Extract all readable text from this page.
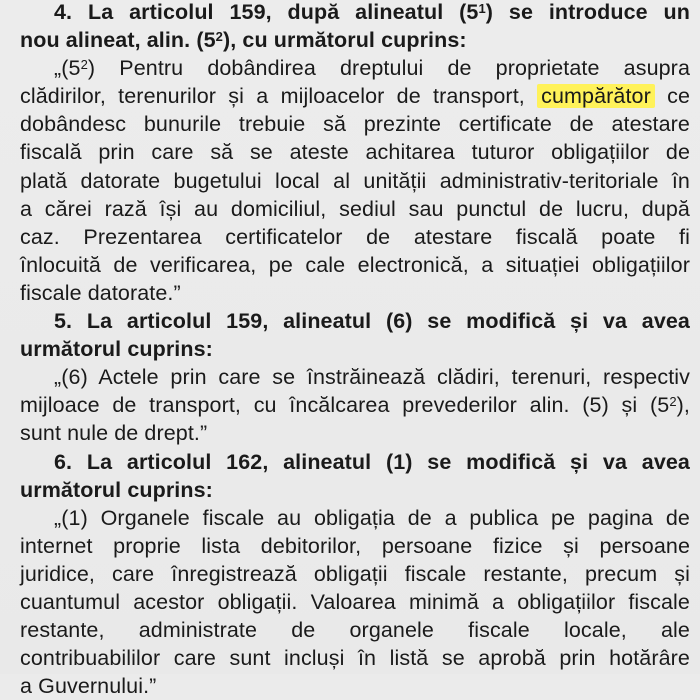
4. La articolul 159, după alineatul $(5^1)$ se introduce un
nou alineat, alin. $(5^2)$, cu următorul cuprins:
$„(5^2)$ Pentru dobândirea dreptului de proprietate asupra
clădirilor, terenurilor și a mijloacelor de transport, cumpărător ce
dobândesc bunurile trebuie să prezinte certificate de atestare
fiscală prin care să se ateste achitarea tuturor obligațiilor de
plată datorate bugetului local al unității administrativ-teritoriale în
a cărei rază își au domiciliul, sediul sau punctul de lucru, după
caz. Prezentarea certificatelor de atestare fiscală poate fi
înlocuită de verificarea, pe cale electronică, a situației obligațiilor
fiscale datorate.”
5. La articolul 159, alineatul (6) se modifică și va avea
următorul cuprins:
„(6) Actele prin care se înstrăinează clădiri, terenuri, respectiv
mijloace de transport, cu încălcarea prevederilor alin. (5) și $(5^2)$,
sunt nule de drept.”
6. La articolul 162, alineatul (1) se modifică și va avea
următorul cuprins:
„(1) Organele fiscale au obligația de a publica pe pagina de
internet proprie lista debitorilor, persoane fizice și persoane
juridice, care înregistrează obligații fiscale restante, precum și
cuantumul acestor obligații. Valoarea minimă a obligațiilor fiscale
restante, administrate de organele fiscale locale, ale
contribuabililor care sunt incluși în listă se aprobă prin hotărâre
a Guvernului.”
